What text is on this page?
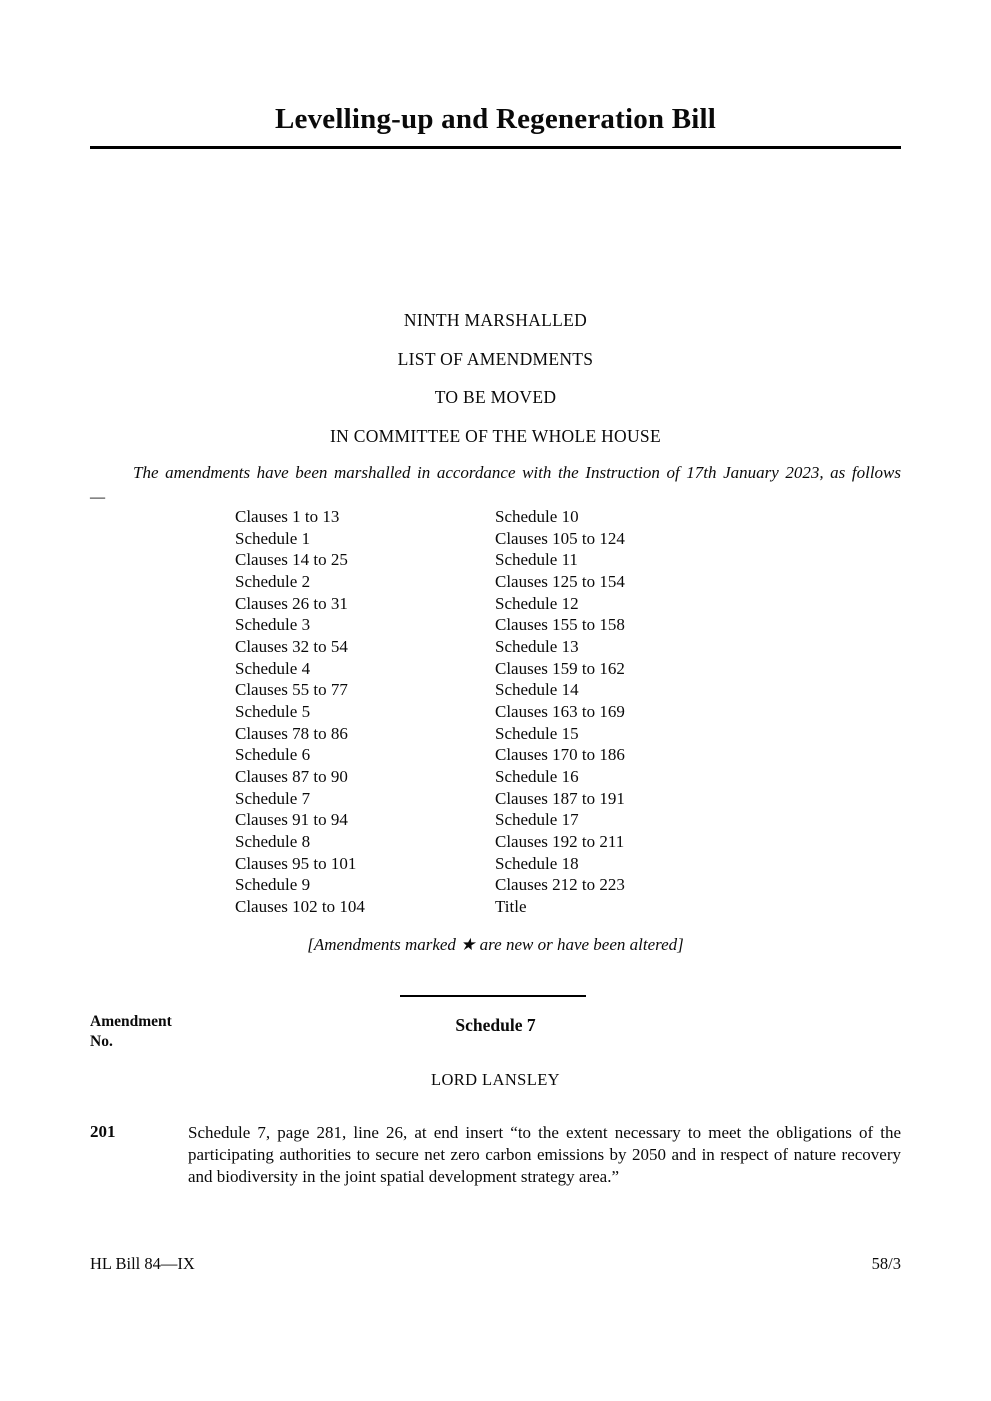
Levelling-up and Regeneration Bill
NINTH MARSHALLED
LIST OF AMENDMENTS
TO BE MOVED
IN COMMITTEE OF THE WHOLE HOUSE

The amendments have been marshalled in accordance with the Instruction of 17th January 2023, as follows—

Clauses 1 to 13
Schedule 1
Clauses 14 to 25
Schedule 2
Clauses 26 to 31
Schedule 3
Clauses 32 to 54
Schedule 4
Clauses 55 to 77
Schedule 5
Clauses 78 to 86
Schedule 6
Clauses 87 to 90
Schedule 7
Clauses 91 to 94
Schedule 8
Clauses 95 to 101
Schedule 9
Clauses 102 to 104
Schedule 10
Clauses 105 to 124
Schedule 11
Clauses 125 to 154
Schedule 12
Clauses 155 to 158
Schedule 13
Clauses 159 to 162
Schedule 14
Clauses 163 to 169
Schedule 15
Clauses 170 to 186
Schedule 16
Clauses 187 to 191
Schedule 17
Clauses 192 to 211
Schedule 18
Clauses 212 to 223
Title

[Amendments marked ★ are new or have been altered]

Amendment
No.
Schedule 7
LORD LANSLEY
201	Schedule 7, page 281, line 26, at end insert “to the extent necessary to meet the obligations of the participating authorities to secure net zero carbon emissions by 2050 and in respect of nature recovery and biodiversity in the joint spatial development strategy area.”

HL Bill 84—IX	58/3
